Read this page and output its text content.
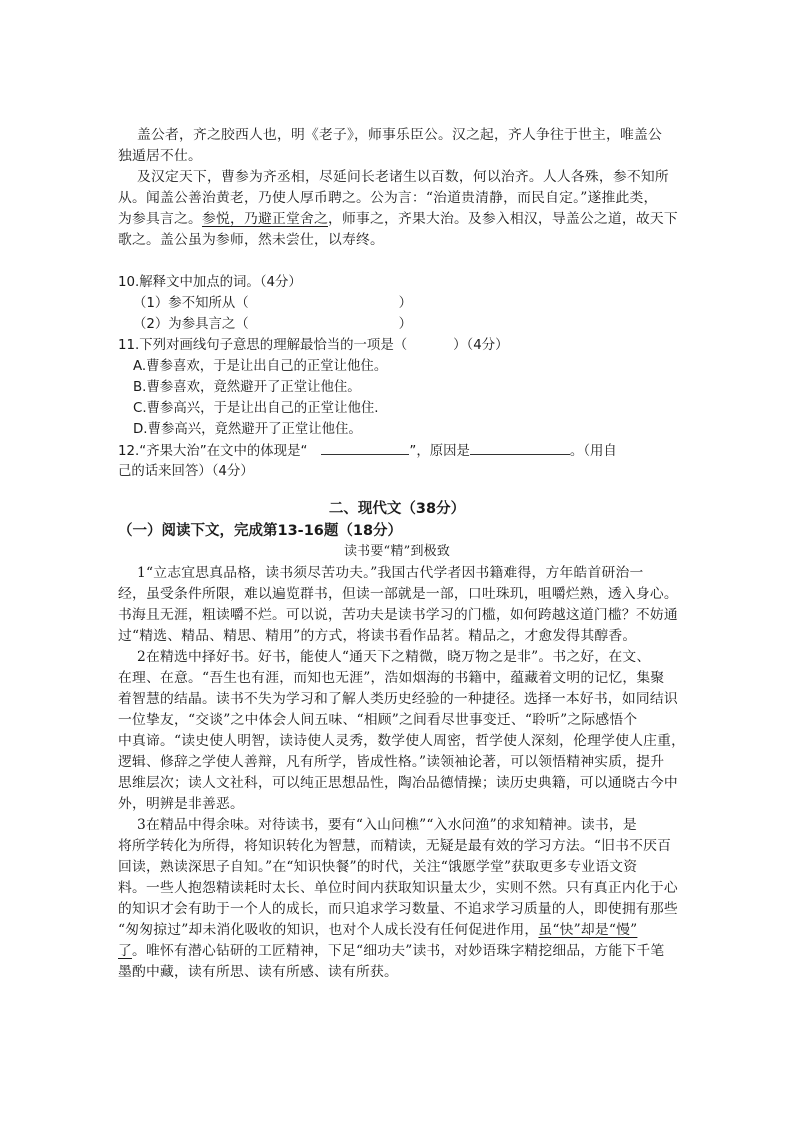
盖公者，齐之胶西人也，明《老子》，师事乐臣公。汉之起，齐人争往于世主，唯盖公
独遁居不仕。
及汉定天下，曹参为齐丞相，尽延问长老诸生以百数，何以治齐。人人各殊，参不知所
从。闻盖公善治黄老，乃使人厚币聘之。公为言：“治道贵清静，而民自定。”遂推此类，
为参具言之。参悦，乃避正堂舍之，师事之，齐果大治。及参入相汉，导盖公之道，故天下
歌之。盖公虽为参师，然未尝仕，以寿终。
10.解释文中加点的词。（4分）
（1）参不知所从（	）
（2）为参具言之（	）
11.下列对画线句子意思的理解最恰当的一项是（	）（4分）
A.曹参喜欢，于是让出自己的正堂让他住。
B.曹参喜欢，竟然避开了正堂让他住。
C.曹参高兴，于是让出自己的正堂让他住.
D.曹参高兴，竟然避开了正堂让他住。
12.“齐果大治”在文中的体现是“	”，原因是	。（用自
己的话来回答）（4分）
二、现代文（38分）
（一）阅读下文，完成第13-16题（18分）
读书要“精”到极致
1“立志宜思真品格，读书须尽苦功夫。”我国古代学者因书籍难得，方年皓首研治一
经，虽受条件所限，难以遍览群书，但读一部就是一部，口吐珠玑，咀嚼烂熟，透入身心。
书海且无涯，粗读嚼不烂。可以说，苦功夫是读书学习的门槛，如何跨越这道门槛？不妨通
过“精选、精品、精思、精用”的方式，将读书看作品茗。精品之，才愈发得其醇香。
2在精选中择好书。好书，能使人“通天下之精微，晓万物之是非”。书之好，在文、
在理、在意。“吾生也有涯，而知也无涯”，浩如烟海的书籍中，蕴藏着文明的记忆，集聚
着智慧的结晶。读书不失为学习和了解人类历史经验的一种捷径。选择一本好书，如同结识
一位挚友，“交谈”之中体会人间五味、“相顾”之间看尽世事变迁、“聆听”之际感悟个
中真谛。“读史使人明智，读诗使人灵秀，数学使人周密，哲学使人深刻，伦理学使人庄重，
逻辑、修辞之学使人善辩，凡有所学，皆成性格。”读领袖论著，可以领悟精神实质，提升
思维层次；读人文社科，可以纯正思想品性，陶冶品德情操；读历史典籍，可以通晓古今中
外，明辨是非善恶。
3在精品中得余味。对待读书，要有“入山问樵”“入水问渔”的求知精神。读书，是
将所学转化为所得，将知识转化为智慧，而精读，无疑是最有效的学习方法。“旧书不厌百
回读，熟读深思子自知。”在“知识快餐”的时代，关注“饿愿学堂”获取更多专业语文资
料。一些人抱怨精读耗时太长、单位时间内获取知识量太少，实则不然。只有真正内化于心
的知识才会有助于一个人的成长，而只追求学习数量、不追求学习质量的人，即使拥有那些
“匆匆掠过”却未消化吸收的知识，也对个人成长没有任何促进作用，虽“快”却是“慢”
了。唯怀有潜心钻研的工匠精神，下足“细功夫”读书，对妙语珠字精挖细品，方能下千笔
墨酌中藏，读有所思、读有所感、读有所获。
